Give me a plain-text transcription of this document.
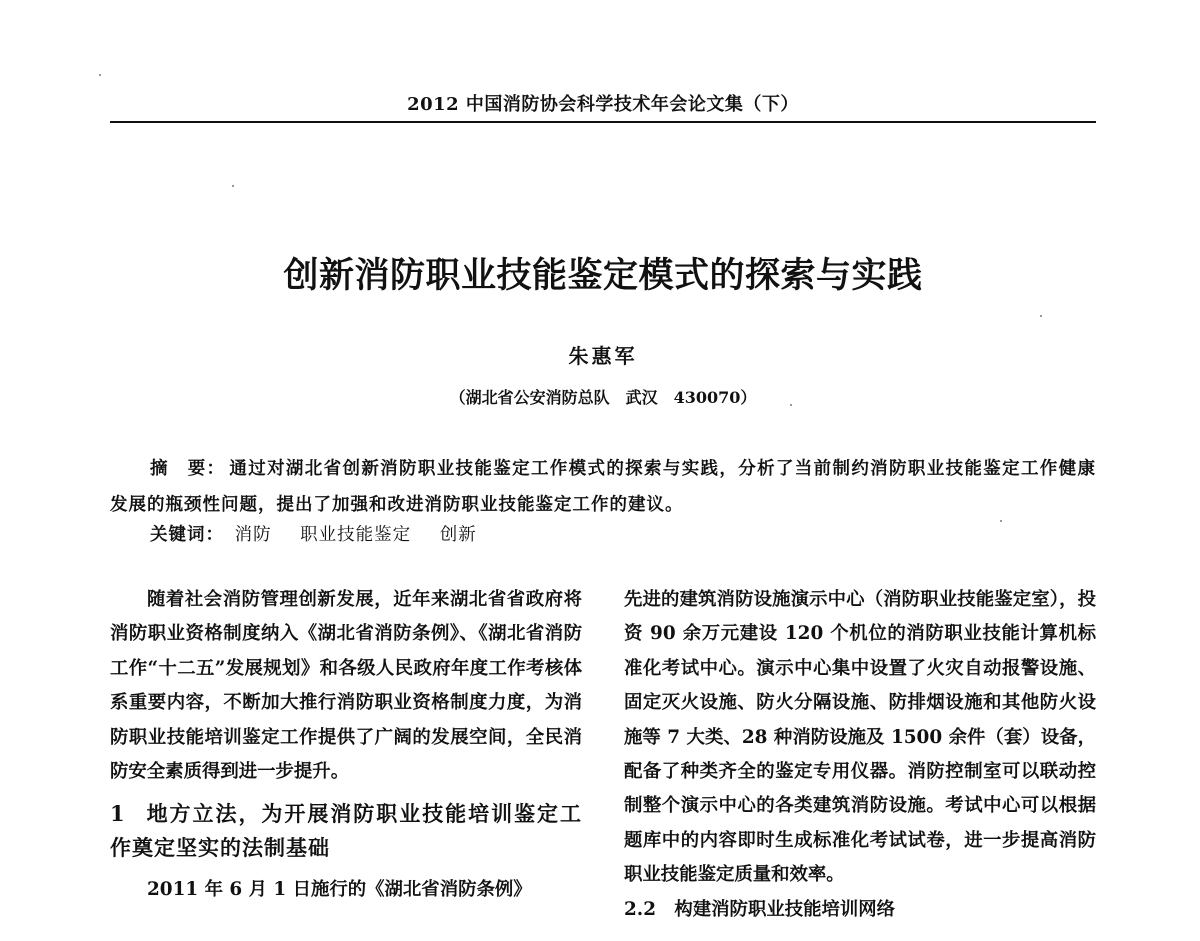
2012 中国消防协会科学技术年会论文集（下）
创新消防职业技能鉴定模式的探索与实践
朱惠军
（湖北省公安消防总队　武汉　430070）
摘　要： 通过对湖北省创新消防职业技能鉴定工作模式的探索与实践，分析了当前制约消防职业技能鉴定工作健康发展的瓶颈性问题，提出了加强和改进消防职业技能鉴定工作的建议。
关键词： 消防 职业技能鉴定 创新

随着社会消防管理创新发展，近年来湖北省省政府将消防职业资格制度纳入《湖北省消防条例》、《湖北省消防工作“十二五”发展规划》和各级人民政府年度工作考核体系重要内容，不断加大推行消防职业资格制度力度，为消防职业技能培训鉴定工作提供了广阔的发展空间，全民消防安全素质得到进一步提升。

1 地方立法，为开展消防职业技能培训鉴定工作奠定坚实的法制基础

2011 年 6 月 1 日施行的《湖北省消防条例》

先进的建筑消防设施演示中心（消防职业技能鉴定室），投资 90 余万元建设 120 个机位的消防职业技能计算机标准化考试中心。演示中心集中设置了火灾自动报警设施、固定灭火设施、防火分隔设施、防排烟设施和其他防火设施等 7 大类、28 种消防设施及 1500 余件（套）设备，配备了种类齐全的鉴定专用仪器。消防控制室可以联动控制整个演示中心的各类建筑消防设施。考试中心可以根据题库中的内容即时生成标准化考试试卷，进一步提高消防职业技能鉴定质量和效率。

2.2　构建消防职业技能培训网络
